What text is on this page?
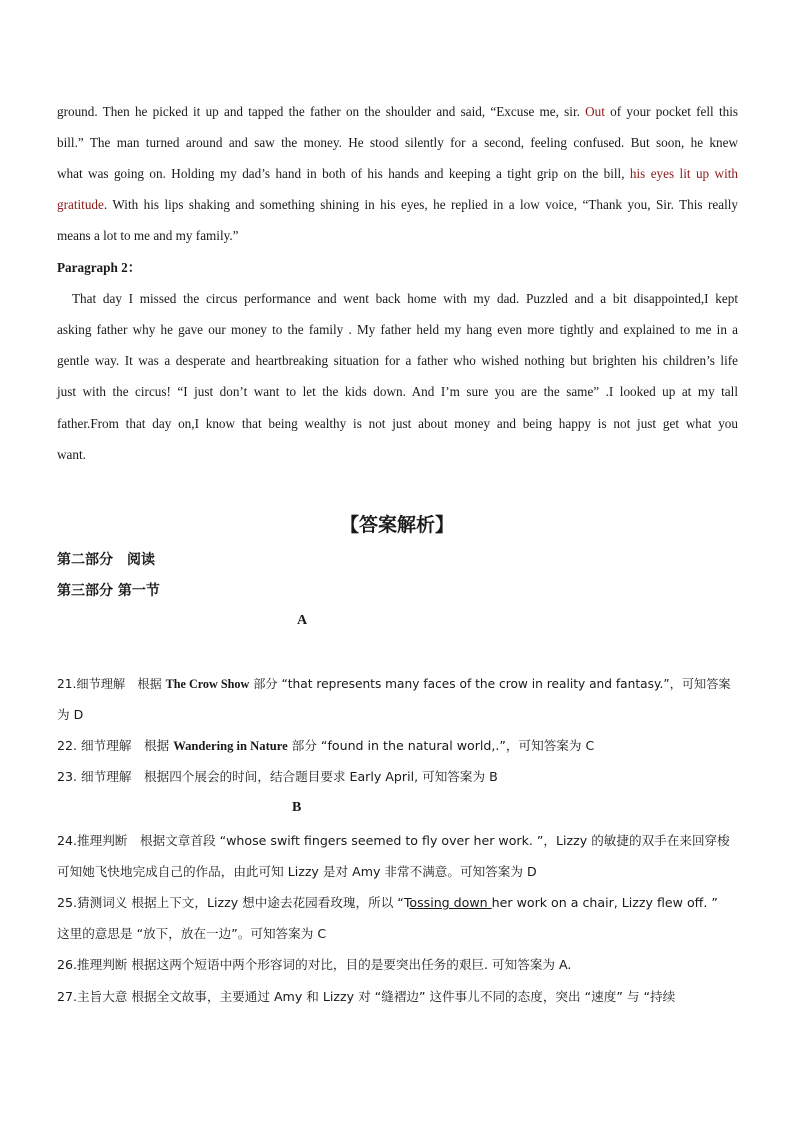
ground. Then he picked it up and tapped the father on the shoulder and said, “Excuse me, sir. Out of your pocket fell this
bill.” The man turned around and saw the money. He stood silently for a second, feeling confused. But soon, he knew
what was going on. Holding my dad’s hand in both of his hands and keeping a tight grip on the bill, his eyes lit up with
gratitude. With his lips shaking and something shining in his eyes, he replied in a low voice, “Thank you, Sir. This really
means a lot to me and my family.”
Paragraph 2：
That day I missed the circus performance and went back home with my dad. Puzzled and a bit disappointed,I kept
asking father why he gave our money to the family . My father held my hang even more tightly and explained to me in a
gentle way. It was a desperate and heartbreaking situation for a father who wished nothing but brighten his children’s life
just with the circus! “I just don’t want to let the kids down. And I’m sure you are the same” .I looked up at my tall
father.From that day on,I know that being wealthy is not just about money and being happy is not just get what you
want.
【答案解析】
第二部分　阅读
第三部分 第一节
A
21.细节理解　根据 The Crow Show 部分 “that represents many faces of the crow in reality and fantasy.”，可知答案
为 D
22. 细节理解　根据 Wandering in Nature 部分 “found in the natural world,.”，可知答案为 C
23. 细节理解　根据四个展会的时间，结合题目要求 Early April, 可知答案为 B
B
24.推理判断　根据文章首段 “whose swift fingers seemed to fly over her work. ”，Lizzy 的敏捷的双手在来回穿梭
可知她飞快地完成自己的作品，由此可知 Lizzy 是对 Amy 非常不满意。可知答案为 D
25.猜测词义 根据上下文，Lizzy 想中途去花园看玫瑰，所以 “Tossing down her work on a chair, Lizzy flew off. ”
这里的意思是 “放下，放在一边”。可知答案为 C
26.推理判断 根据这两个短语中两个形容词的对比，目的是要突出任务的艰巨. 可知答案为 A.
27.主旨大意 根据全文故事，主要通过 Amy 和 Lizzy 对 “缝褶边” 这件事儿不同的态度，突出 “速度” 与 “持续
